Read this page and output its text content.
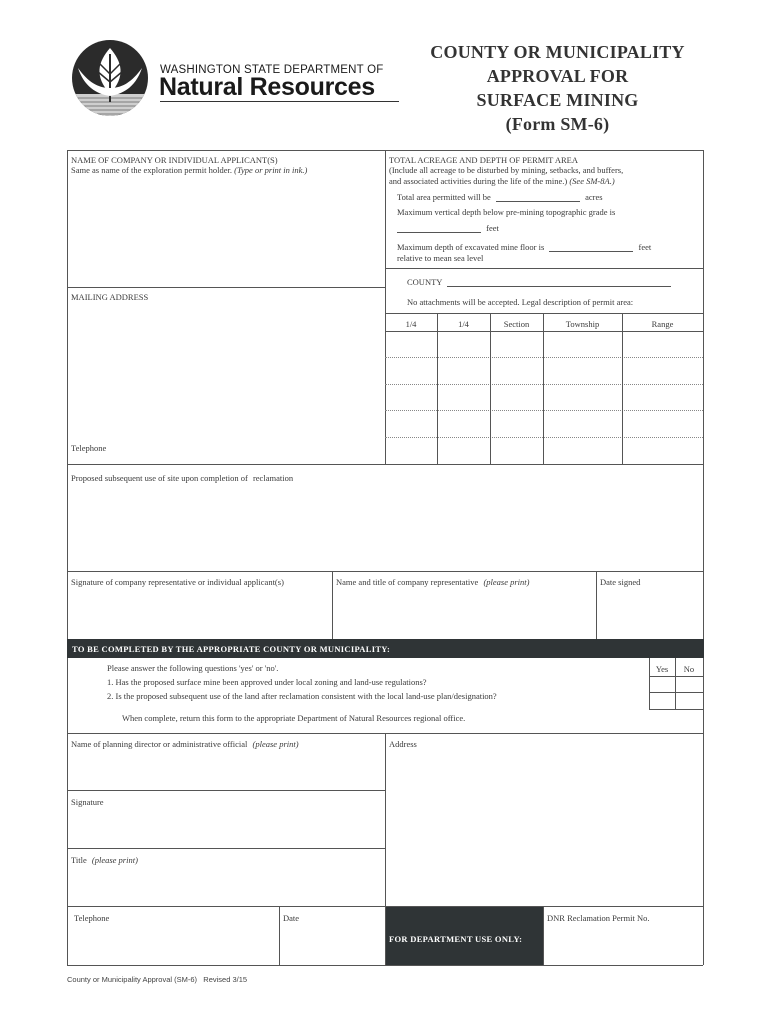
WASHINGTON STATE DEPARTMENT OF
Natural Resources
COUNTY OR MUNICIPALITY
APPROVAL FOR
SURFACE MINING
(Form SM-6)
NAME OF COMPANY OR INDIVIDUAL APPLICANT(S)
Same as name of the exploration permit holder. (Type or print in ink.)
MAILING ADDRESS
Telephone
TOTAL ACREAGE AND DEPTH OF PERMIT AREA
(Include all acreage to be disturbed by mining, setbacks, and buffers,
and associated activities during the life of the mine.) (See SM-8A.)
Total area permitted will be	acres
Maximum vertical depth below pre-mining topographic grade is
feet
Maximum depth of excavated mine floor is	feet
relative to mean sea level
COUNTY
No attachments will be accepted. Legal description of permit area:
1/4	1/4	Section	Township	Range
Proposed subsequent use of site upon completion of reclamation
Signature of company representative or individual applicant(s)	Name and title of company representative (please print)	Date signed
TO BE COMPLETED BY THE APPROPRIATE COUNTY OR MUNICIPALITY:
Please answer the following questions 'yes' or 'no'.
1. Has the proposed surface mine been approved under local zoning and land-use regulations?
2. Is the proposed subsequent use of the land after reclamation consistent with the local land-use plan/designation?
When complete, return this form to the appropriate Department of Natural Resources regional office.
Yes	No
Name of planning director or administrative official (please print)	Address
Signature
Title (please print)
Telephone	Date
FOR DEPARTMENT USE ONLY:
DNR Reclamation Permit No.
County or Municipality Approval (SM-6)   Revised 3/15
